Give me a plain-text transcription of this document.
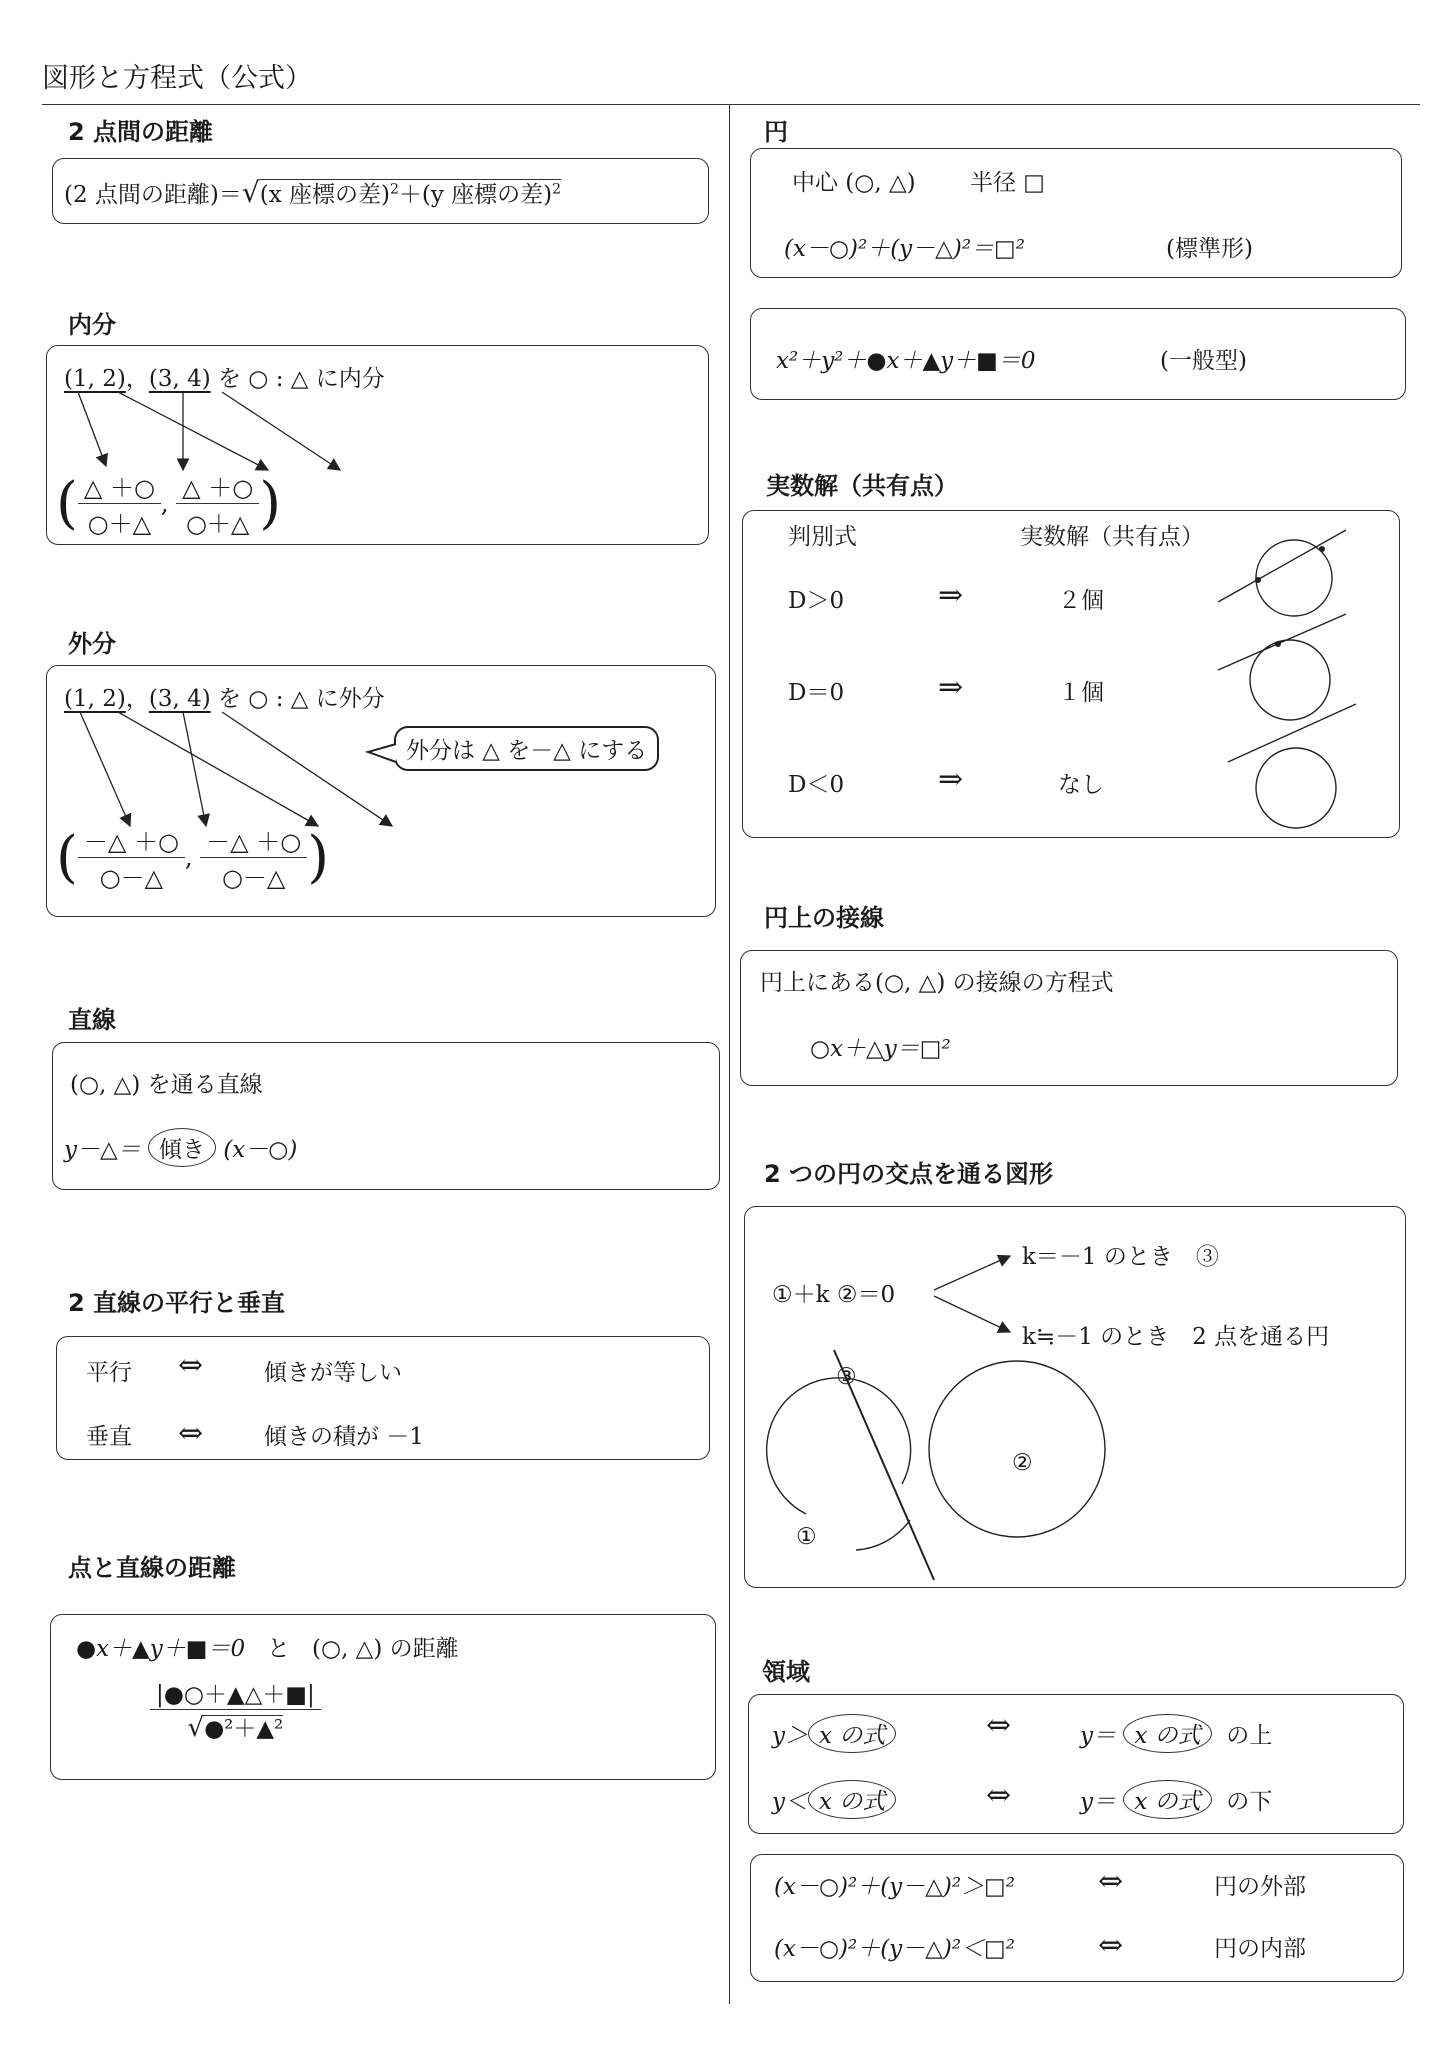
図形と方程式（公式）
2 点間の距離
(2 点間の距離)＝√(x 座標の差)$^2$＋(y 座標の差)$^2$
内分
(1, 2)，(3, 4) を ○ : △ に内分
( $\frac{\triangle +○}{○+\triangle}$ , $\frac{\triangle +○}{○+\triangle}$ )
外分
(1, 2)，(3, 4) を ○ : △ に外分
外分は △ を－△ にする
( $\frac{-\triangle +○}{○-\triangle}$ , $\frac{-\triangle +○}{○-\triangle}$ )
直線
(○, △) を通る直線
y－△＝ 傾き (x－○)
2 直線の平行と垂直
平行 ⇔	傾きが等しい
垂直 ⇔	傾きの積が －1
点と直線の距離
●x＋▲y＋■＝0 と (○, △) の距離
$\frac{|●○+▲\triangle+■|}{\text{√●²＋▲²}}$
円
中心 (○, △) 半径 □
(x－○)²＋(y－△)²＝□²	(標準形)
x²＋y²＋●x＋▲y＋■＝0	(一般型)
実数解（共有点）
判別式	実数解（共有点）
D＞0	⇒	２個
D＝0	⇒	１個
D＜0	⇒	なし
円上の接線
円上にある(○, △) の接線の方程式
○x＋△y＝□²
2 つの円の交点を通る図形
①＋k ②＝0
k＝－1 のとき　③
k≒－1 のとき　2 点を通る円
③
②
①
領域
y＞ x の式	⇔	y＝ x の式 の上
y＜ x の式	⇔	y＝ x の式 の下
(x－○)²＋(y－△)²＞□²	⇔	円の外部
(x－○)²＋(y－△)²＜□²	⇔	円の内部
